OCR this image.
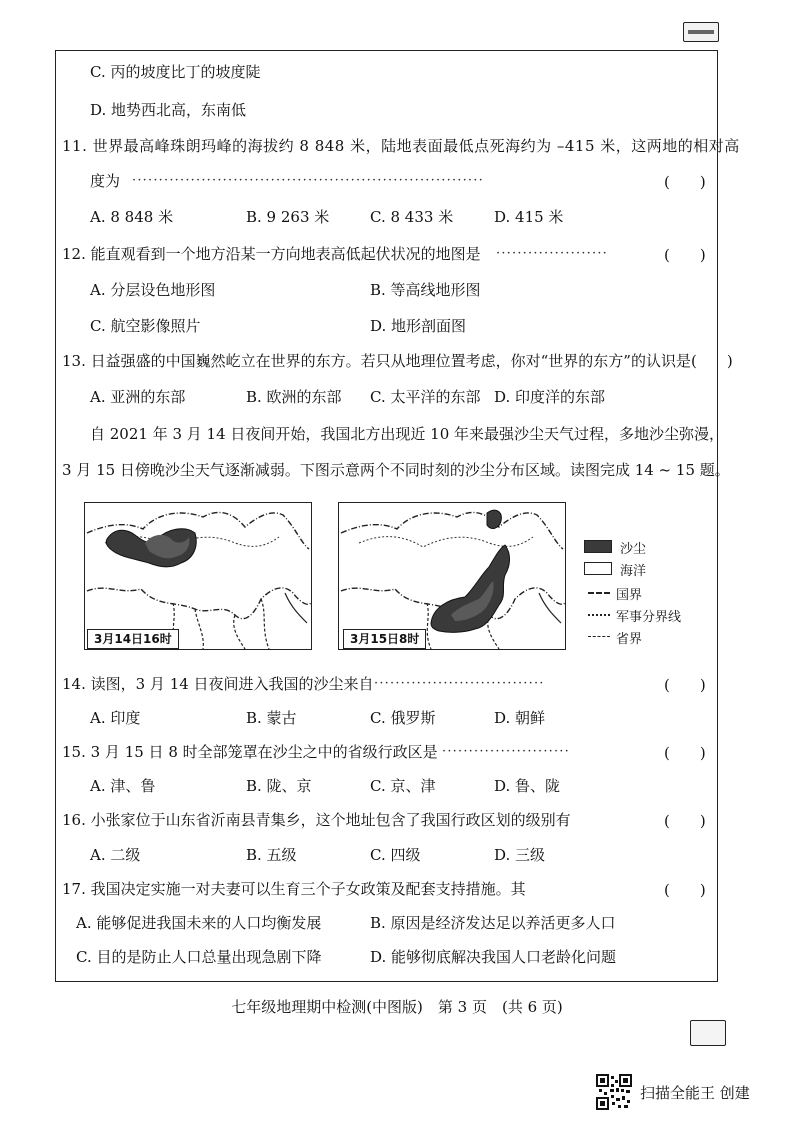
C. 丙的坡度比丁的坡度陡
D. 地势西北高，东南低
11. 世界最高峰珠朗玛峰的海拔约 8 848 米，陆地表面最低点死海约为 –415 米，这两地的相对高
度为 ··································································	(　　)
A. 8 848 米	B. 9 263 米	C. 8 433 米	D. 415 米
12. 能直观看到一个地方沿某一方向地表高低起伏状况的地图是 ·····················	(　　)
A. 分层设色地形图	B. 等高线地形图
C. 航空影像照片	D. 地形剖面图
13. 日益强盛的中国巍然屹立在世界的东方。若只从地理位置考虑，你对“世界的东方”的认识是(　　)
A. 亚洲的东部	B. 欧洲的东部 C. 太平洋的东部 D. 印度洋的东部
自 2021 年 3 月 14 日夜间开始，我国北方出现近 10 年来最强沙尘天气过程，多地沙尘弥漫，
3 月 15 日傍晚沙尘天气逐渐减弱。下图示意两个不同时刻的沙尘分布区域。读图完成 14 ~ 15 题。
3月14日16时	3月15日8时
沙尘
海洋
国界
军事分界线
省界
14. 读图，3 月 14 日夜间进入我国的沙尘来自 ································	(　　)
A. 印度	B. 蒙古	C. 俄罗斯	D. 朝鲜
15. 3 月 15 日 8 时全部笼罩在沙尘之中的省级行政区是 ························	(　　)
A. 津、鲁	B. 陇、京	C. 京、津	D. 鲁、陇
16. 小张家位于山东省沂南县青集乡，这个地址包含了我国行政区划的级别有	(　　)
A. 二级	B. 五级	C. 四级	D. 三级
17. 我国决定实施一对夫妻可以生育三个子女政策及配套支持措施。其	(　　)
A. 能够促进我国未来的人口均衡发展	B. 原因是经济发达足以养活更多人口
C. 目的是防止人口总量出现急剧下降	D. 能够彻底解决我国人口老龄化问题
七年级地理期中检测(中图版)　第 3 页　(共 6 页)
扫描全能王 创建
